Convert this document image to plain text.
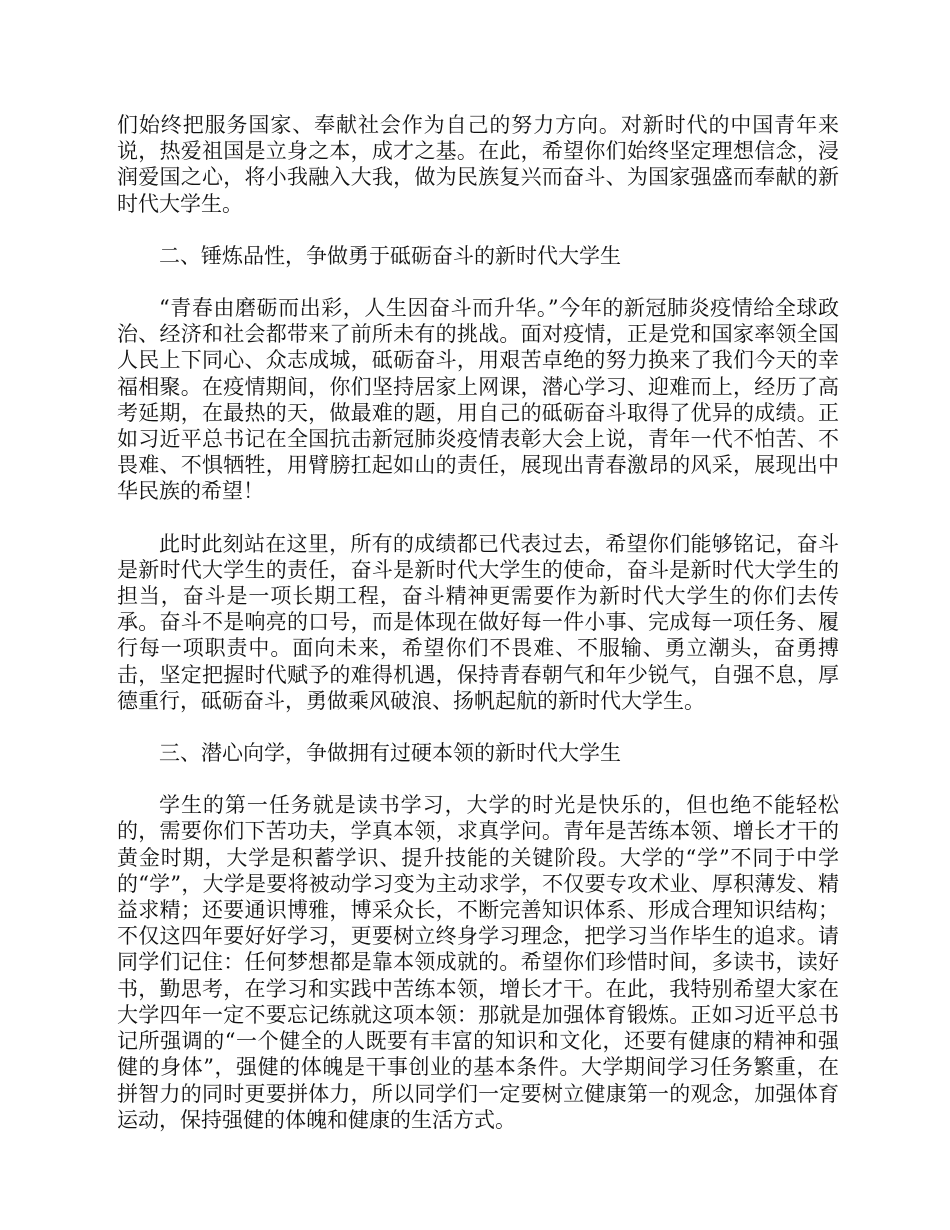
们始终把服务国家、奉献社会作为自己的努力方向。对新时代的中国青年来说，热爱祖国是立身之本，成才之基。在此，希望你们始终坚定理想信念，浸润爱国之心，将小我融入大我，做为民族复兴而奋斗、为国家强盛而奉献的新时代大学生。

二、锤炼品性，争做勇于砥砺奋斗的新时代大学生

“青春由磨砺而出彩，人生因奋斗而升华。”今年的新冠肺炎疫情给全球政治、经济和社会都带来了前所未有的挑战。面对疫情，正是党和国家率领全国人民上下同心、众志成城，砥砺奋斗，用艰苦卓绝的努力换来了我们今天的幸福相聚。在疫情期间，你们坚持居家上网课，潜心学习、迎难而上，经历了高考延期，在最热的天，做最难的题，用自己的砥砺奋斗取得了优异的成绩。正如习近平总书记在全国抗击新冠肺炎疫情表彰大会上说，青年一代不怕苦、不畏难、不惧牺牲，用臂膀扛起如山的责任，展现出青春激昂的风采，展现出中华民族的希望！

此时此刻站在这里，所有的成绩都已代表过去，希望你们能够铭记，奋斗是新时代大学生的责任，奋斗是新时代大学生的使命，奋斗是新时代大学生的担当，奋斗是一项长期工程，奋斗精神更需要作为新时代大学生的你们去传承。奋斗不是响亮的口号，而是体现在做好每一件小事、完成每一项任务、履行每一项职责中。面向未来，希望你们不畏难、不服输、勇立潮头，奋勇搏击，坚定把握时代赋予的难得机遇，保持青春朝气和年少锐气，自强不息，厚德重行，砥砺奋斗，勇做乘风破浪、扬帆起航的新时代大学生。

三、潜心向学，争做拥有过硬本领的新时代大学生

学生的第一任务就是读书学习，大学的时光是快乐的，但也绝不能轻松的，需要你们下苦功夫，学真本领，求真学问。青年是苦练本领、增长才干的黄金时期，大学是积蓄学识、提升技能的关键阶段。大学的“学”不同于中学的“学”，大学是要将被动学习变为主动求学，不仅要专攻术业、厚积薄发、精益求精；还要通识博雅，博采众长，不断完善知识体系、形成合理知识结构；不仅这四年要好好学习，更要树立终身学习理念，把学习当作毕生的追求。请同学们记住：任何梦想都是靠本领成就的。希望你们珍惜时间，多读书，读好书，勤思考，在学习和实践中苦练本领，增长才干。在此，我特别希望大家在大学四年一定不要忘记练就这项本领：那就是加强体育锻炼。正如习近平总书记所强调的“一个健全的人既要有丰富的知识和文化，还要有健康的精神和强健的身体”，强健的体魄是干事创业的基本条件。大学期间学习任务繁重，在拼智力的同时更要拼体力，所以同学们一定要树立健康第一的观念，加强体育运动，保持强健的体魄和健康的生活方式。
